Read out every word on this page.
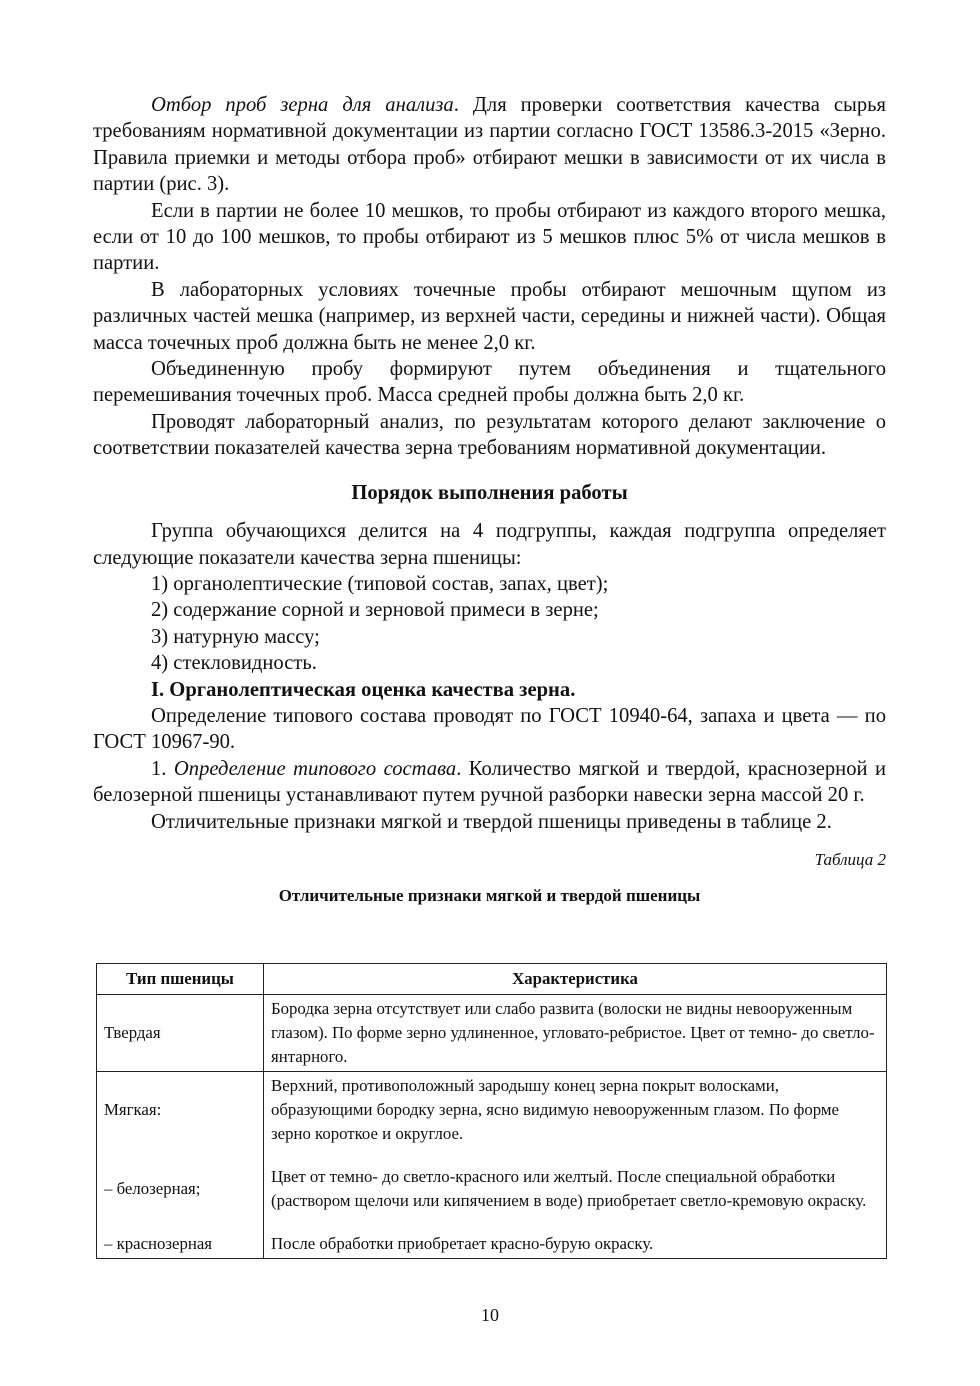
Отбор проб зерна для анализа. Для проверки соответствия качества сырья требованиям нормативной документации из партии согласно ГОСТ 13586.3-2015 «Зерно. Правила приемки и методы отбора проб» отбирают мешки в зависимости от их числа в партии (рис. 3).

Если в партии не более 10 мешков, то пробы отбирают из каждого второго мешка, если от 10 до 100 мешков, то пробы отбирают из 5 мешков плюс 5% от числа мешков в партии.

В лабораторных условиях точечные пробы отбирают мешочным щупом из различных частей мешка (например, из верхней части, середины и нижней части). Общая масса точечных проб должна быть не менее 2,0 кг.

Объединенную пробу формируют путем объединения и тщательного перемешивания точечных проб. Масса средней пробы должна быть 2,0 кг.

Проводят лабораторный анализ, по результатам которого делают заключение о соответствии показателей качества зерна требованиям нормативной документации.

Порядок выполнения работы

Группа обучающихся делится на 4 подгруппы, каждая подгруппа определяет следующие показатели качества зерна пшеницы:

1) органолептические (типовой состав, запах, цвет);

2) содержание сорной и зерновой примеси в зерне;

3) натурную массу;

4) стекловидность.

I. Органолептическая оценка качества зерна.

Определение типового состава проводят по ГОСТ 10940-64, запаха и цвета — по ГОСТ 10967-90.

1. Определение типового состава. Количество мягкой и твердой, краснозерной и белозерной пшеницы устанавливают путем ручной разборки навески зерна массой 20 г.

Отличительные признаки мягкой и твердой пшеницы приведены в таблице 2.

Таблица 2
Отличительные признаки мягкой и твердой пшеницы
Тип пшеницы	Характеристика
Твердая	Бородка зерна отсутствует или слабо развита (волоски не видны невооруженным глазом). По форме зерно удлиненное, угловато-ребристое. Цвет от темно- до светло-янтарного.
Мягкая:	Верхний, противоположный зародышу конец зерна покрыт волосками, образующими бородку зерна, ясно видимую невооруженным глазом. По форме зерно короткое и округлое.
– белозерная;	Цвет от темно- до светло-красного или желтый. После специальной обработки (раствором щелочи или кипячением в воде) приобретает светло-кремовую окраску.
– краснозерная	После обработки приобретает красно-бурую окраску.
10
